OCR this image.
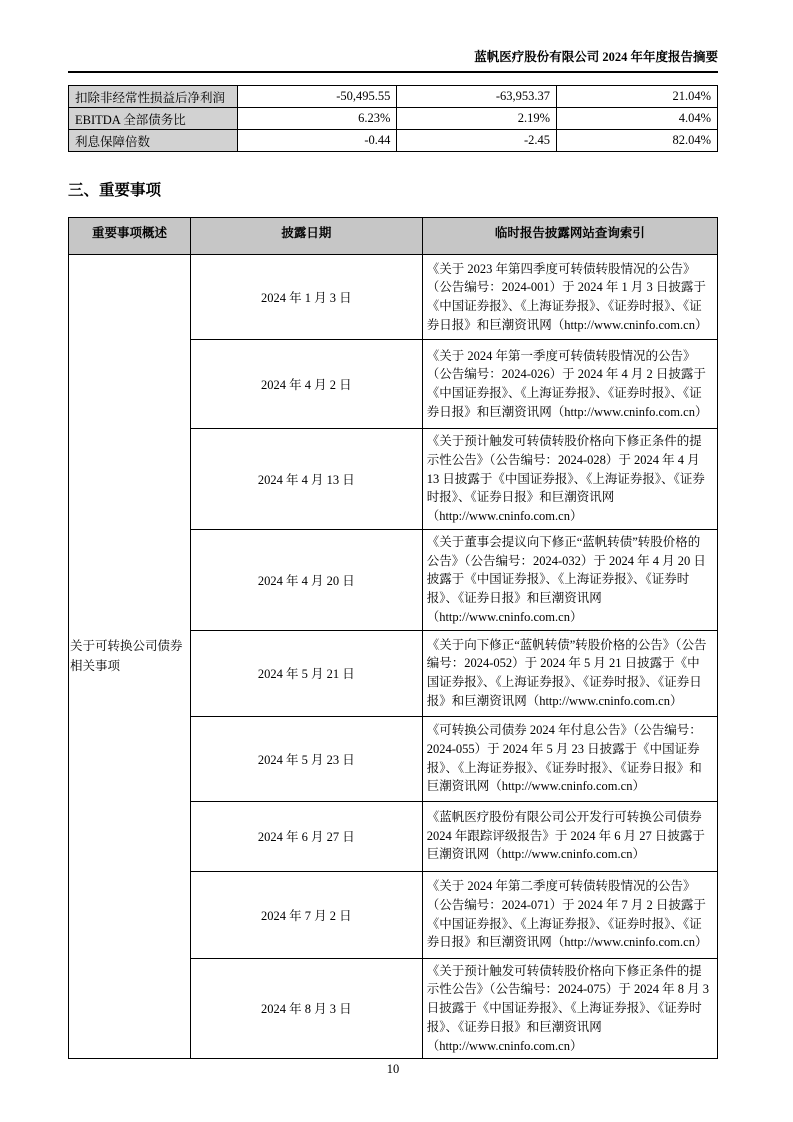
蓝帆医疗股份有限公司 2024 年年度报告摘要
扣除非经常性损益后净利润	-50,495.55	-63,953.37	21.04%
EBITDA 全部债务比	6.23%	2.19%	4.04%
利息保障倍数	-0.44	-2.45	82.04%
三、重要事项
重要事项概述	披露日期	临时报告披露网站查询索引
关于可转换公司债券相关事项	2024 年 1 月 3 日	《关于 2023 年第四季度可转债转股情况的公告》（公告编号：2024-001）于 2024 年 1 月 3 日披露于《中国证券报》、《上海证券报》、《证券时报》、《证券日报》和巨潮资讯网（http://www.cninfo.com.cn）
	2024 年 4 月 2 日	《关于 2024 年第一季度可转债转股情况的公告》（公告编号：2024-026）于 2024 年 4 月 2 日披露于《中国证券报》、《上海证券报》、《证券时报》、《证券日报》和巨潮资讯网（http://www.cninfo.com.cn）
	2024 年 4 月 13 日	《关于预计触发可转债转股价格向下修正条件的提示性公告》（公告编号：2024-028）于 2024 年 4 月 13 日披露于《中国证券报》、《上海证券报》、《证券时报》、《证券日报》和巨潮资讯网（http://www.cninfo.com.cn）
	2024 年 4 月 20 日	《关于董事会提议向下修正“蓝帆转债”转股价格的公告》（公告编号：2024-032）于 2024 年 4 月 20 日披露于《中国证券报》、《上海证券报》、《证券时报》、《证券日报》和巨潮资讯网（http://www.cninfo.com.cn）
	2024 年 5 月 21 日	《关于向下修正“蓝帆转债”转股价格的公告》（公告编号：2024-052）于 2024 年 5 月 21 日披露于《中国证券报》、《上海证券报》、《证券时报》、《证券日报》和巨潮资讯网（http://www.cninfo.com.cn）
	2024 年 5 月 23 日	《可转换公司债券 2024 年付息公告》（公告编号：2024-055）于 2024 年 5 月 23 日披露于《中国证券报》、《上海证券报》、《证券时报》、《证券日报》和巨潮资讯网（http://www.cninfo.com.cn）
	2024 年 6 月 27 日	《蓝帆医疗股份有限公司公开发行可转换公司债券 2024 年跟踪评级报告》于 2024 年 6 月 27 日披露于巨潮资讯网（http://www.cninfo.com.cn）
	2024 年 7 月 2 日	《关于 2024 年第二季度可转债转股情况的公告》（公告编号：2024-071）于 2024 年 7 月 2 日披露于《中国证券报》、《上海证券报》、《证券时报》、《证券日报》和巨潮资讯网（http://www.cninfo.com.cn）
	2024 年 8 月 3 日	《关于预计触发可转债转股价格向下修正条件的提示性公告》（公告编号：2024-075）于 2024 年 8 月 3 日披露于《中国证券报》、《上海证券报》、《证券时报》、《证券日报》和巨潮资讯网（http://www.cninfo.com.cn）
10
